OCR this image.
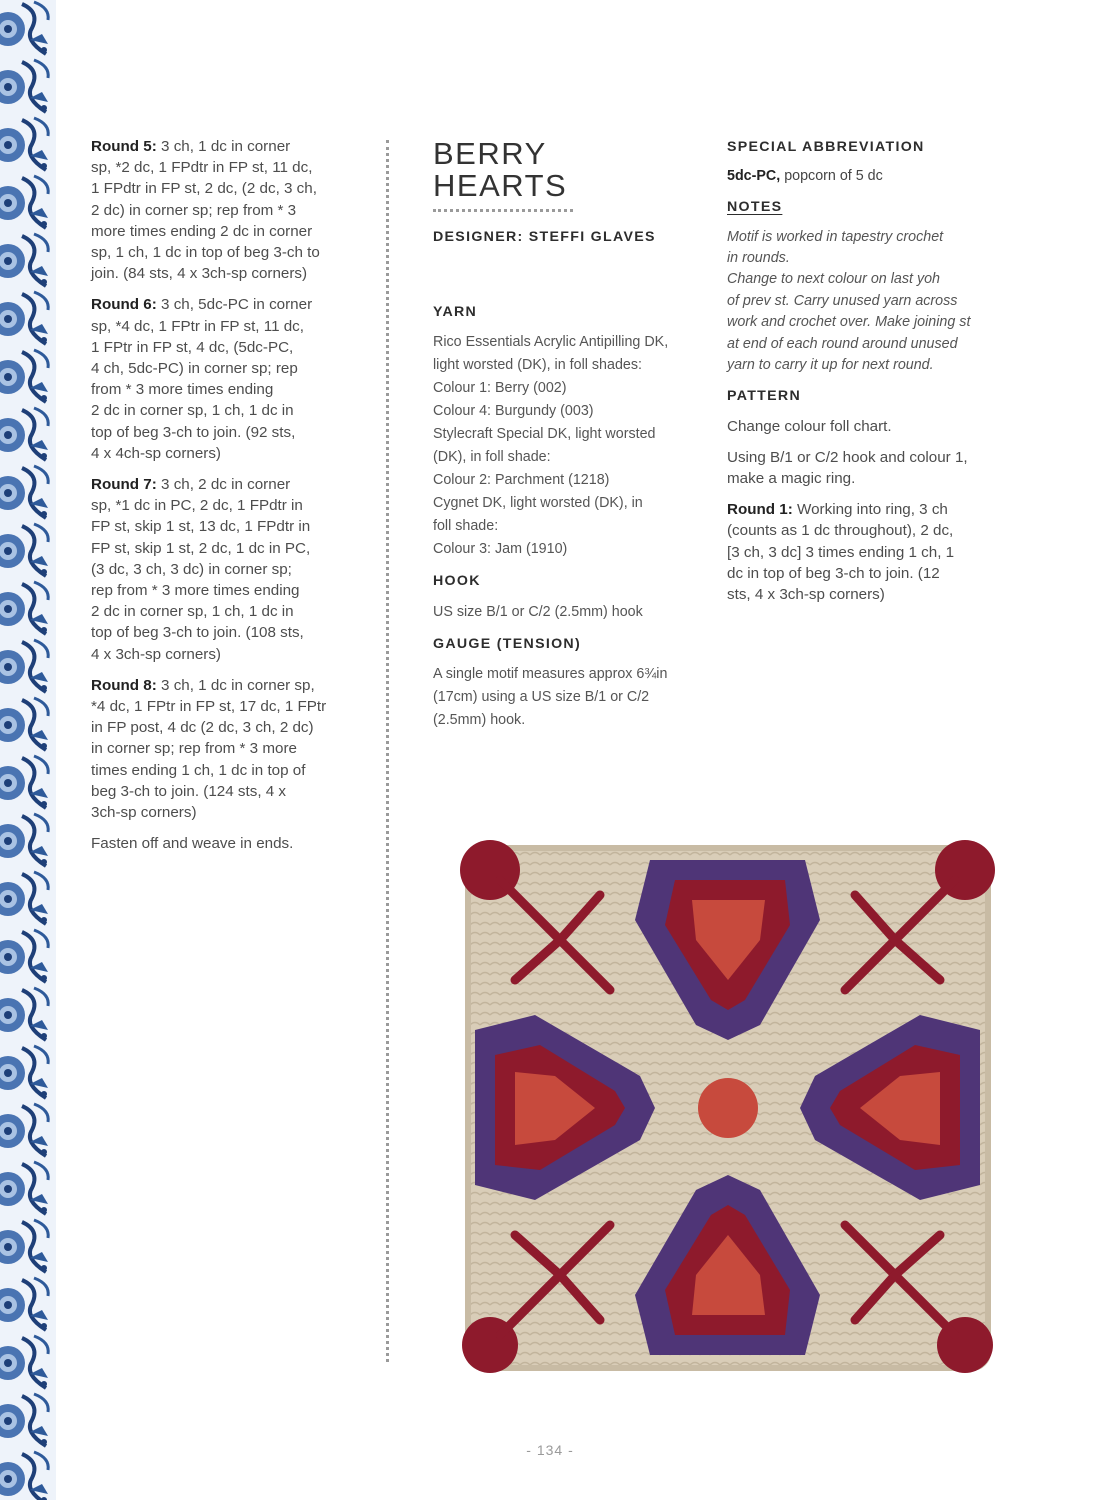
Round 5: 3 ch, 1 dc in corner
sp, *2 dc, 1 FPdtr in FP st, 11 dc,
1 FPdtr in FP st, 2 dc, (2 dc, 3 ch,
2 dc) in corner sp; rep from * 3
more times ending 2 dc in corner
sp, 1 ch, 1 dc in top of beg 3-ch to
join. (84 sts, 4 x 3ch-sp corners)

Round 6: 3 ch, 5dc-PC in corner
sp, *4 dc, 1 FPtr in FP st, 11 dc,
1 FPtr in FP st, 4 dc, (5dc-PC,
4 ch, 5dc-PC) in corner sp; rep
from * 3 more times ending
2 dc in corner sp, 1 ch, 1 dc in
top of beg 3-ch to join. (92 sts,
4 x 4ch-sp corners)

Round 7: 3 ch, 2 dc in corner
sp, *1 dc in PC, 2 dc, 1 FPdtr in
FP st, skip 1 st, 13 dc, 1 FPdtr in
FP st, skip 1 st, 2 dc, 1 dc in PC,
(3 dc, 3 ch, 3 dc) in corner sp;
rep from * 3 more times ending
2 dc in corner sp, 1 ch, 1 dc in
top of beg 3-ch to join. (108 sts,
4 x 3ch-sp corners)

Round 8: 3 ch, 1 dc in corner sp,
*4 dc, 1 FPtr in FP st, 17 dc, 1 FPtr
in FP post, 4 dc (2 dc, 3 ch, 2 dc)
in corner sp; rep from * 3 more
times ending 1 ch, 1 dc in top of
beg 3-ch to join. (124 sts, 4 x
3ch-sp corners)

Fasten off and weave in ends.

BERRY
HEARTS
DESIGNER: STEFFI GLAVES
YARN

Rico Essentials Acrylic Antipilling DK,
light worsted (DK), in foll shades:
Colour 1: Berry (002)
Colour 4: Burgundy (003)
Stylecraft Special DK, light worsted
(DK), in foll shade:
Colour 2: Parchment (1218)
Cygnet DK, light worsted (DK), in
foll shade:
Colour 3: Jam (1910)

HOOK

US size B/1 or C/2 (2.5mm) hook

GAUGE (TENSION)

A single motif measures approx 6¾in
(17cm) using a US size B/1 or C/2
(2.5mm) hook.

SPECIAL ABBREVIATION

5dc-PC, popcorn of 5 dc

NOTES

Motif is worked in tapestry crochet
in rounds.
Change to next colour on last yoh
of prev st. Carry unused yarn across
work and crochet over. Make joining st
at end of each round around unused
yarn to carry it up for next round.

PATTERN

Change colour foll chart.

Using B/1 or C/2 hook and colour 1,
make a magic ring.

Round 1: Working into ring, 3 ch
(counts as 1 dc throughout), 2 dc,
[3 ch, 3 dc] 3 times ending 1 ch, 1
dc in top of beg 3-ch to join. (12
sts, 4 x 3ch-sp corners)

- 134 -
